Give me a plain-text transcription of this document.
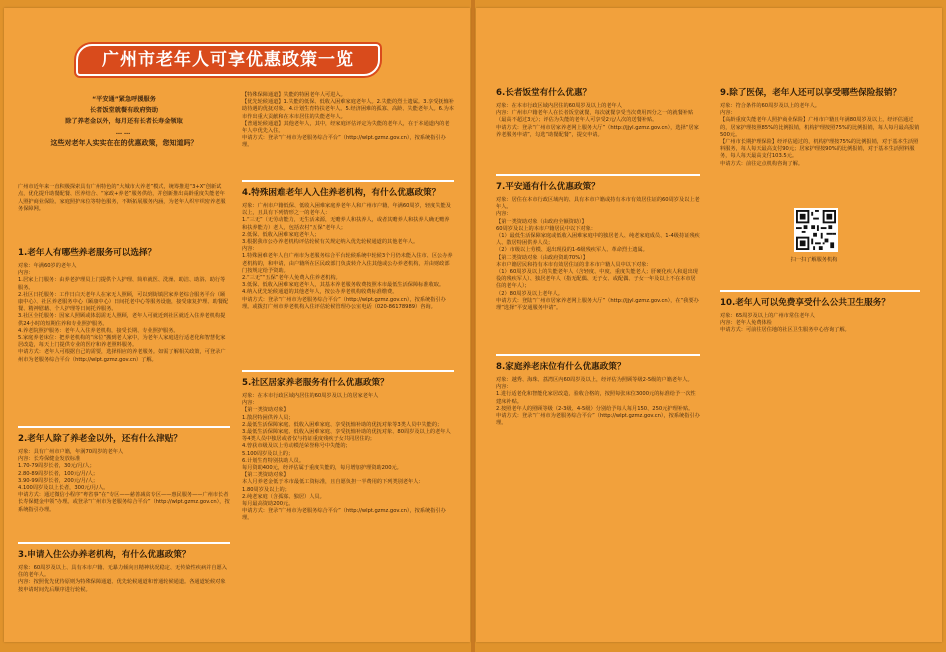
广州市老年人可享优惠政策一览
“平安通”紧急呼援服务
长者饭堂就餐有政府资助
除了养老金以外，每月还有长者长寿金领取
……
这些对老年人实实在在的优惠政策，您知道吗？
广州市近年来一直积极探索具有广州特色的“大城市大养老”模式，统筹推进“3+X”创新试点，优化提升助餐配餐、医养结合、“家政+养老”服务供给，并创新推出高龄重度失能老年人照护商业保险。家庭照护床位等特色服务，不断拓展服务内涵，为老年人织牢织密养老服务保障网。
1.老年人有哪些养老服务可以选择？

对象：年满60岁的老年人
内容：
1.居家上门服务：由养老护理员上门提供个人护理、简单就医、洗澡、助洁、助浴、助行等服务。
2.社区日托服务：工作日白天老年人在家无人照顾，可以到街镇居家养老综合服务平台（颐康中心）、社区养老服务中心（颐康中心）日间托老中心等服务设施，接受康复护理、助餐配餐、精神慰藉、个人护理等日间托养服务。
3.社区全托服务：因家人照顾或体弱需无人照顾，老年人可就近到社区就近入住养老机构提供24小时的短期住养和专业照护服务。
4.养老院照护服务：老年人入住养老机构，接受长期、专业照护服务。
5.家庭养老床位：把养老机构的“床位”搬到老人家中，为老年人家庭进行适老化和智慧化家居改造，每天上门提供专业的医疗和养老照料服务。
申请方式：老年人可根据自己的需要，选择相应的养老服务。如需了解相关政策，可登录广州市为老服务综合平台（http://wlpt.gzmz.gov.cn）了解。

2.老年人除了养老金以外，还有什么津贴？

对象：具有广州市户籍，年满70周岁的老年人
内容：长寿保健金发放标准
1.70-79周岁长者，30元/月/人；
2.80-89周岁长者，100元/月/人；
3.90-99周岁长者，200元/月/人；
4.100周岁及以上长者，300元/月/人。
申请方式：通过微信小程序“粤省事”在“专区——慈善减贫专区——惠民服务——广州市长者长寿保健金申领”办理。或登录“广州市为老服务综合平台”（http://wlpt.gzmz.gov.cn），按系统指引办理。

3.申请入住公办养老机构，有什么优惠政策？

对象：60周岁及以上、具有本市户籍、无暴力倾向且精神状况稳定、无传染性疾病并自愿入住的老年人。
内容：按照优先优待原则为特殊保障通道、优先轮候通道和普通轮候通道。各通道轮候对象按申请时间先后顺序进行轮候。

【特殊保障通道】失能的特困老年人可进入。
【优先轮候通道】1.失能的低保、低收入困难家庭老年人。2.失能的烈士遗属。3.享受抚恤补助待遇的优抚对象。4.计划生育特扶老年人。5.经济困难的孤寡、高龄、失能老年人。6.为本市作出重大贡献和在本市居住的失能老年人。
【普通轮候通道】其他老年人，其中，经家庭评估评定为失能的老年人，在于本通道内的老年人中优先入住。
申请方式：登录“广州市为老服务综合平台”（http://wlpt.gzmz.gov.cn），按系统指引办理。

4.特殊困难老年人入住养老机构，有什么优惠政策？

对象：广州市户籍低保、低收入困难家庭养老年人和广州市户籍，年满60周岁，轻度失能及以上，且具有下列情形之一的老年人：
1.“三无”（无劳动能力，无生活来源，无赡养人和扶养人，或者其赡养人和扶养人确无赡养和扶养能力）老人，包括农村“五保”老年人；
2.低保、低收入困难家庭老年人；
3.根据我市公办养老机构评估轮候有关规定纳入优先轮候通道的其他老年人。
内容：
1.特殊困难老年人自广州市为老服务综合平台轮候系统中轮候3个月仍未能入住市、区公办养老机构的，和申请，由户籍所在区民政部门负责转介入住其他或公办养老机构，并由财政部门按规定给予资助。
2.“三无”“五保”老年人免费入住养老机构。
3.低保、低收入困难家庭老年人，其基本养老服务收费按照本市最低生活保障标准收取。
4.纳入优先轮候通道的其他老年人，按公办养老机构收费标准缴费。
申请方式：登录“广州市为老服务综合平台”（http://wlpt.gzmz.gov.cn），按系统指引办理。或拨打广州市养老机构入住评估轮候管理办公室电话（020-86178989）咨询。

5.社区居家养老服务有什么优惠政策？

对象：在本市行政区域内居住的60周岁及以上的居家老年人
内容：
【第一类资助对象】
1.散居特困供养人员；
2.最低生活保障家庭、低收入困难家庭、享受抚恤补助的优抚对象等3类人员中失能的；
3.最低生活保障家庭、低收入困难家庭、享受抚恤补助的优抚对象、80周岁及以上的老年人等4类人员中独居或者仅与持证重度残疾子女共同居住的；
4.曾获市级及以上劳动模范荣誉称号中失能的；
5.100周岁及以上的；
6.计划生育特别扶助人员。
每月资助400元，经评估属于重度失能的，每月增加护理资助200元。
【第二类资助对象】
本人月养老金低于本市最低工资标准，且自愿负担一半费用的下列类别老年人：
1.80周岁及以上的；
2.纯老家庭（含孤寡、独居）人员。
每月最高资助200元。
申请方式：登录“广州市为老服务综合平台”（http://wlpt.gzmz.gov.cn），按系统指引办理。

6.长者饭堂有什么优惠？

对象：在本市行政区域内居住的60周岁及以上的老年人
内容：广州市户籍老年人在长者饭堂就餐，每次就餐享受当次费用四分之一的就餐补贴（最高不超过3元）；评估为失能的老年人可享受2元/人次的送餐补贴。
申请方式：登录“广州市居家养老网上服务大厅”（http://jjyl.gzmz.gov.cn），选择“居家养老服务申请”，勾选“助餐配餐”，提交申请。

7.平安通有什么优惠政策？

对象：居住在本市行政区域内的、具有本市户籍或持有本市有效居住证的60周岁及以上老年人。
内容：
【第一类资助对象（由政府全额资助）】
60周岁及以上的本市户籍居民中以下对象：
（1）最低生活保障家庭或低收入困难家庭中的独居老人、纯老家庭成员、1-4级持证残疾人、散居特困供养人员；
（2）市级以上劳模、退出现役的1-6级残疾军人、革命烈士遗属。
【第二类资助对象（由政府资助70%）】
本市户籍居民和持有本市有效居住证的非本市户籍人员中以下对象：
（1）60周岁及以上的失能老年人（含轻度、中度、重度失能老人；肝硬化疾人和退出现役的残疾军人）、独居老年人（指无配偶、无子女、或配偶、子女一年及以上不在本市居住的老年人）；
（2）80周岁及以上老年人。
申请方式：登陆“广州市居家养老网上服务大厅”（http://jjyl.gzmz.gov.cn），在“我要办理”选择“平安通服务申请”。

8.家庭养老床位有什么优惠政策？

对象：越秀、海珠、荔湾区内60周岁及以上，经评估为照顾等级2-5级的户籍老年人。
内容：
1.进行适老化和智能化家居改造，验收合格的，按照每张床位3000元的标准给予一次性建床补贴。
2.按照老年人的照顾等级（2-3级、4-5级）分别给予每人每月150、250元护理补贴。
申请方式：登录“广州市为老服务综合平台”（http://wlpt.gzmz.gov.cn），按系统指引办理。

9.除了医保，老年人还可以享受哪些保险报销？

对象：符合条件的60周岁及以上的老年人。
内容：
【高龄重度失能老年人照护商业保险】广州市户籍且年满80周岁及以上，经评估通过的，居家护理按照85%的比例报销，机构护理按照75%的比例报销，每人每月最高报销500元。
【广州市长期护理保险】经评估通过的，机构护理按75%的比例报销，对于基本生活照料服务，每人每天最高支付90元；居家护理按90%的比例报销，对于基本生活照料服务，每人每天最高支付103.5元。
申请方式：前往定点机构咨询了解。

扫一扫了解服务机构
10.老年人可以免费享受什么公共卫生服务？

对象：65周岁及以上的广州市常住老年人
内容：老年人免费体检
申请方式：可前往居住地的社区卫生服务中心咨询了解。
